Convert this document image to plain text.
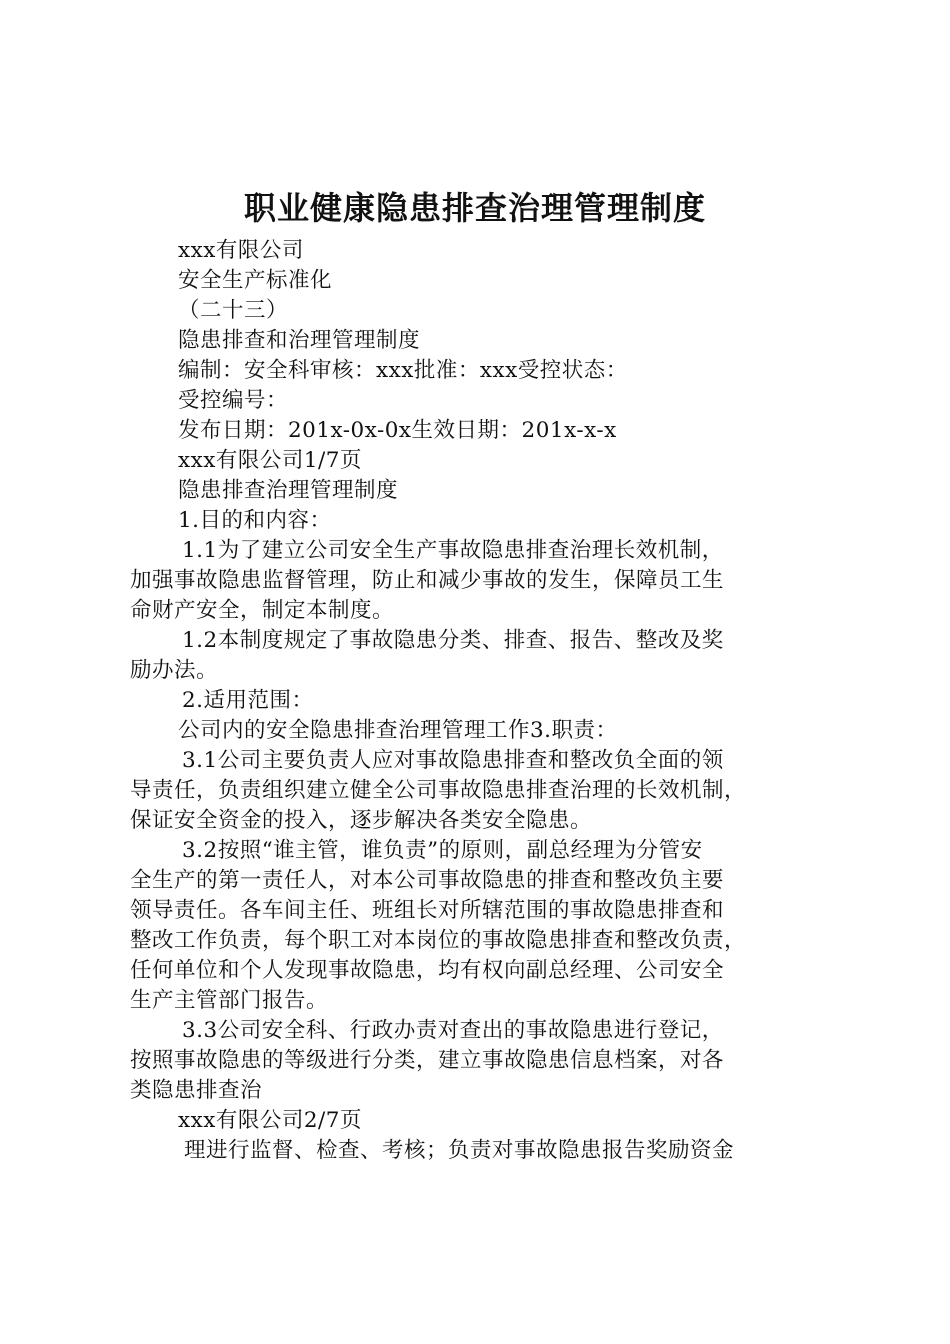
职业健康隐患排查治理管理制度
xxx有限公司
安全生产标准化
（二十三）
隐患排查和治理管理制度
编制：安全科审核：xxx批准：xxx受控状态：
受控编号：
发布日期：201x-0x-0x生效日期：201x-x-x
xxx有限公司1/7页
隐患排查治理管理制度
1.目的和内容：
1.1为了建立公司安全生产事故隐患排查治理长效机制，
加强事故隐患监督管理，防止和减少事故的发生，保障员工生
命财产安全，制定本制度。
1.2本制度规定了事故隐患分类、排查、报告、整改及奖
励办法。
2.适用范围：
公司内的安全隐患排查治理管理工作3.职责：
3.1公司主要负责人应对事故隐患排查和整改负全面的领
导责任，负责组织建立健全公司事故隐患排查治理的长效机制，
保证安全资金的投入，逐步解决各类安全隐患。
3.2按照“谁主管，谁负责”的原则，副总经理为分管安
全生产的第一责任人，对本公司事故隐患的排查和整改负主要
领导责任。各车间主任、班组长对所辖范围的事故隐患排查和
整改工作负责，每个职工对本岗位的事故隐患排查和整改负责，
任何单位和个人发现事故隐患，均有权向副总经理、公司安全
生产主管部门报告。
3.3公司安全科、行政办责对查出的事故隐患进行登记，
按照事故隐患的等级进行分类，建立事故隐患信息档案，对各
类隐患排查治
xxx有限公司2/7页
理进行监督、检查、考核；负责对事故隐患报告奖励资金
